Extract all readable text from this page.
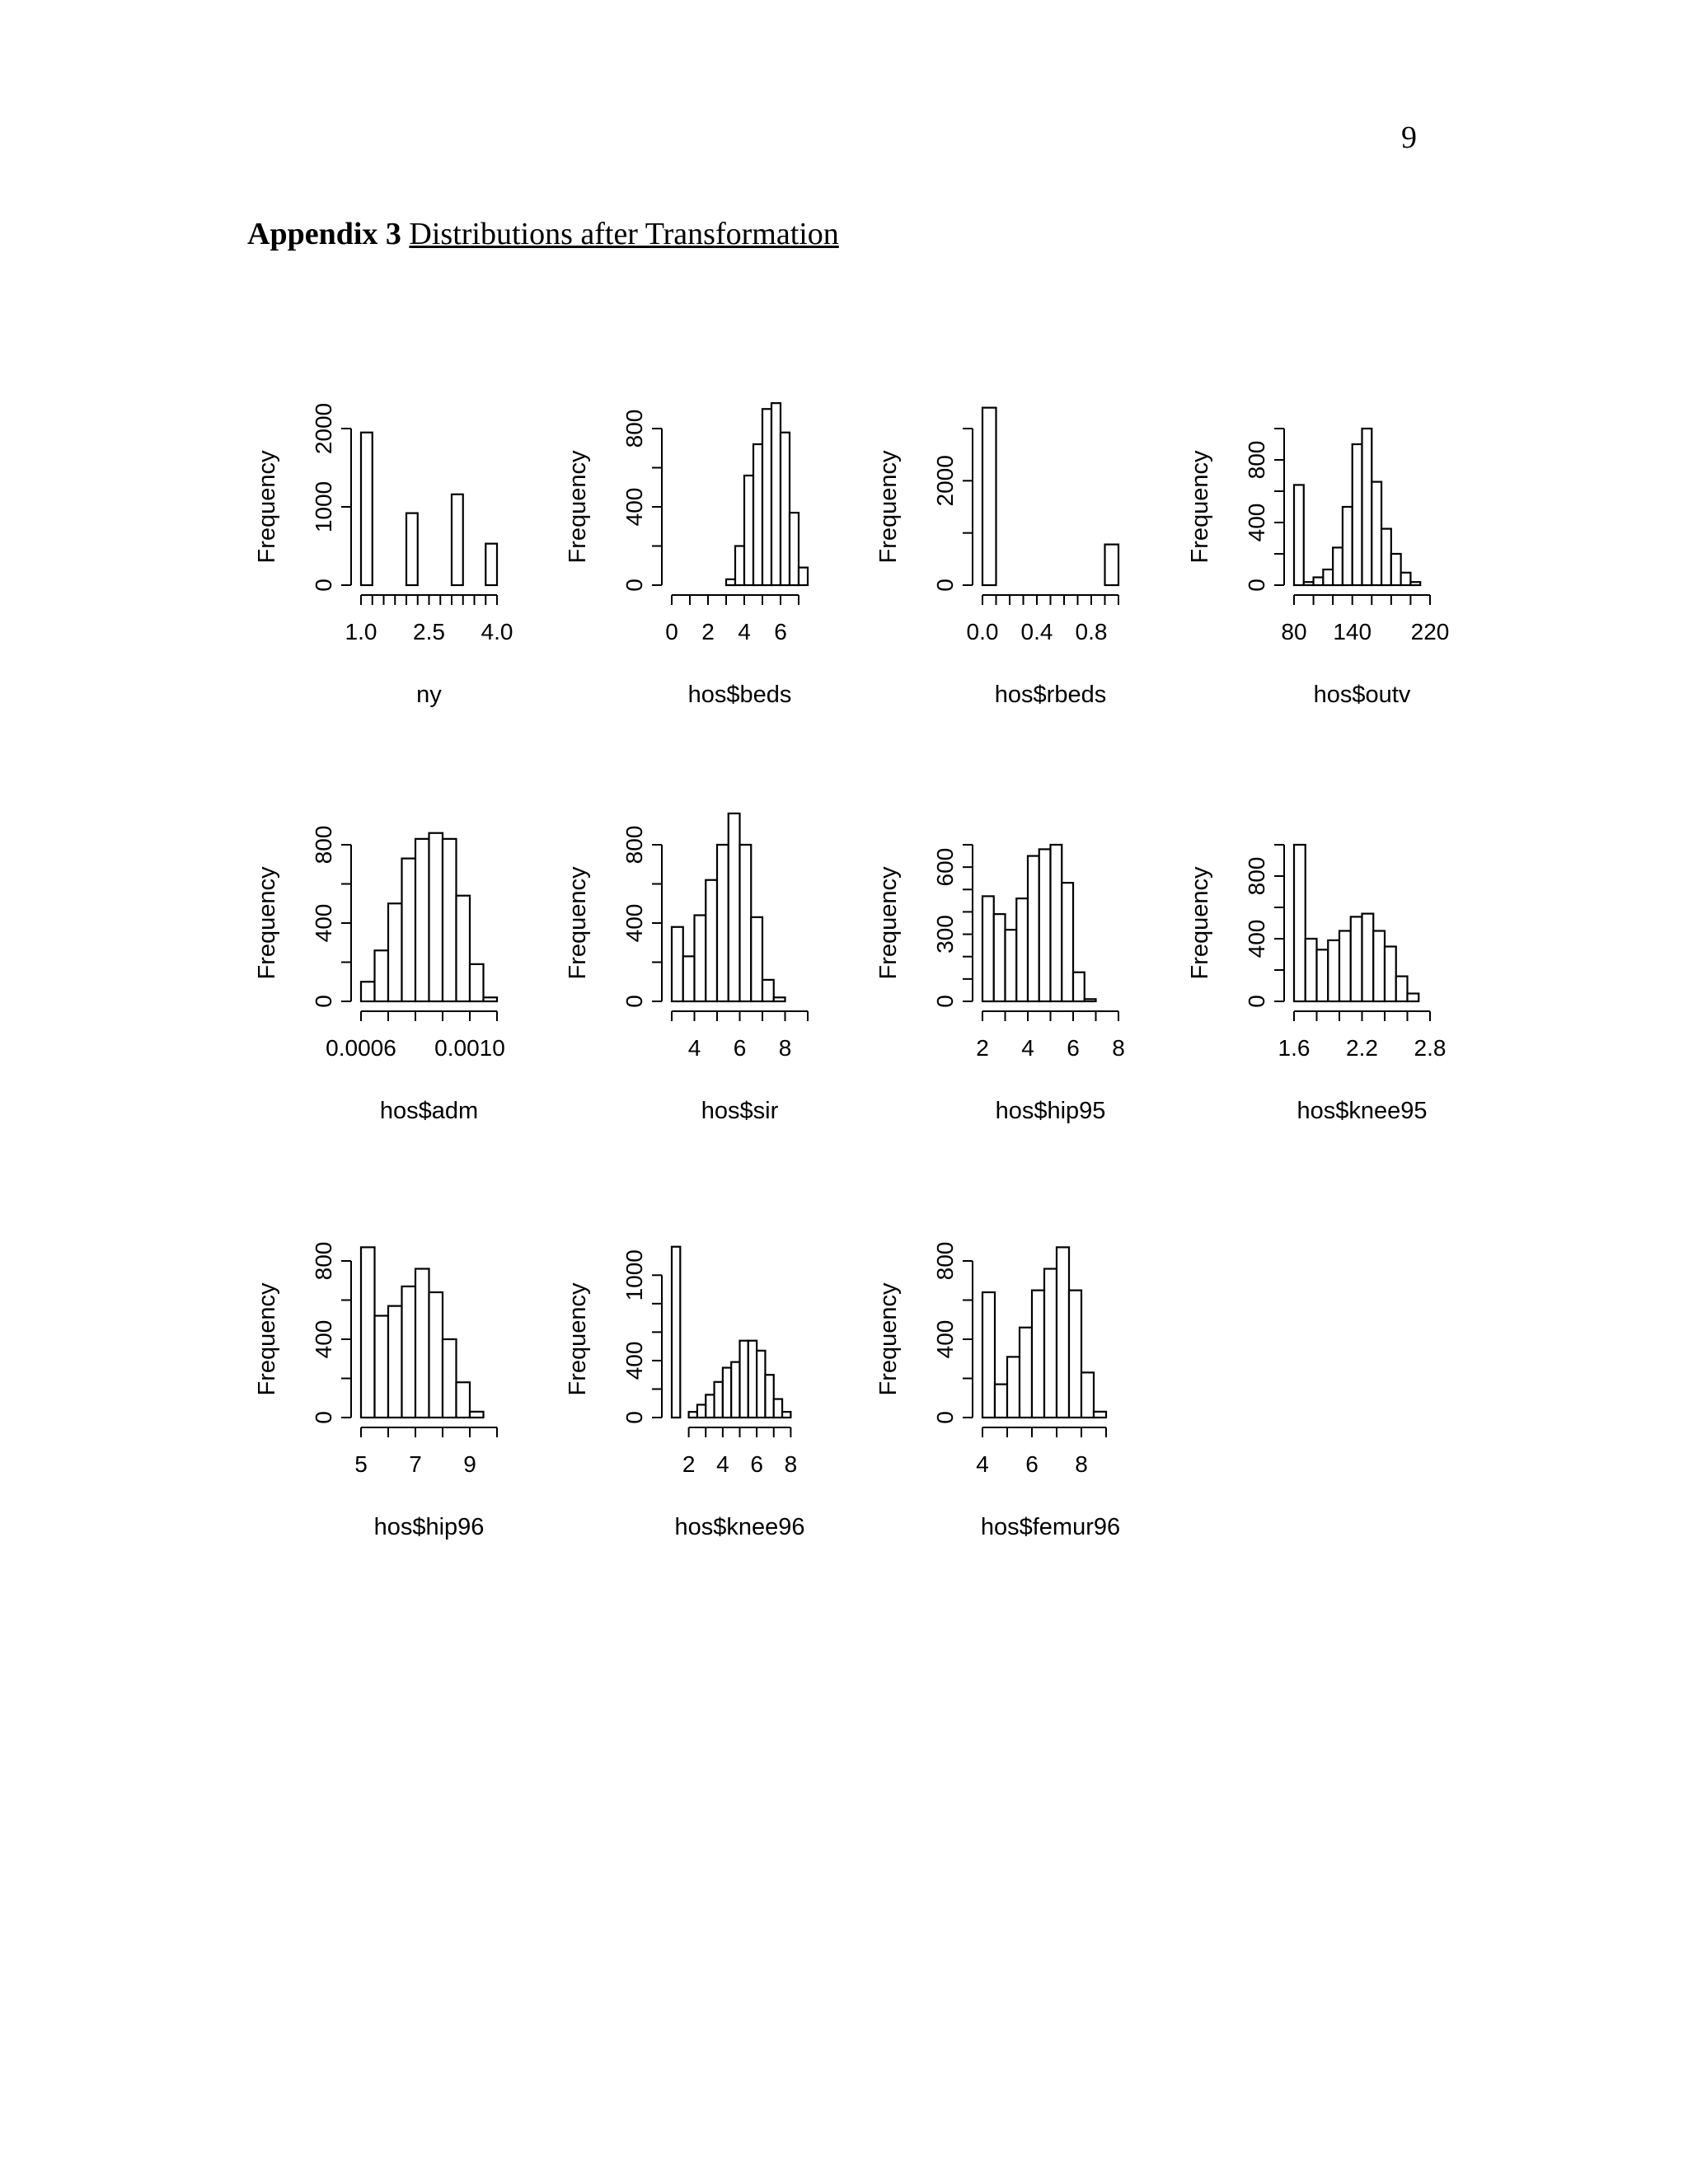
9
Appendix 3 Distributions after Transformation
1.0 2.5 4.0
0
1000
2000
ny
Frequency
0 2 4 6
0
400
800
hos$beds
Frequency
0.0 0.4 0.8
0
2000
hos$rbeds
Frequency
80 140 220
0
400
800
hos$outv
Frequency
0.0006 0.0010
0
400
800
hos$adm
Frequency
4 6 8
0
400
800
hos$sir
Frequency
2 4 6 8
0
300
600
hos$hip95
Frequency
1.6 2.2 2.8
0
400
800
hos$knee95
Frequency
5 7 9
0
400
800
hos$hip96
Frequency
2 4 6 8
0
400
1000
hos$knee96
Frequency
4 6 8
0
400
800
hos$femur96
Frequency
